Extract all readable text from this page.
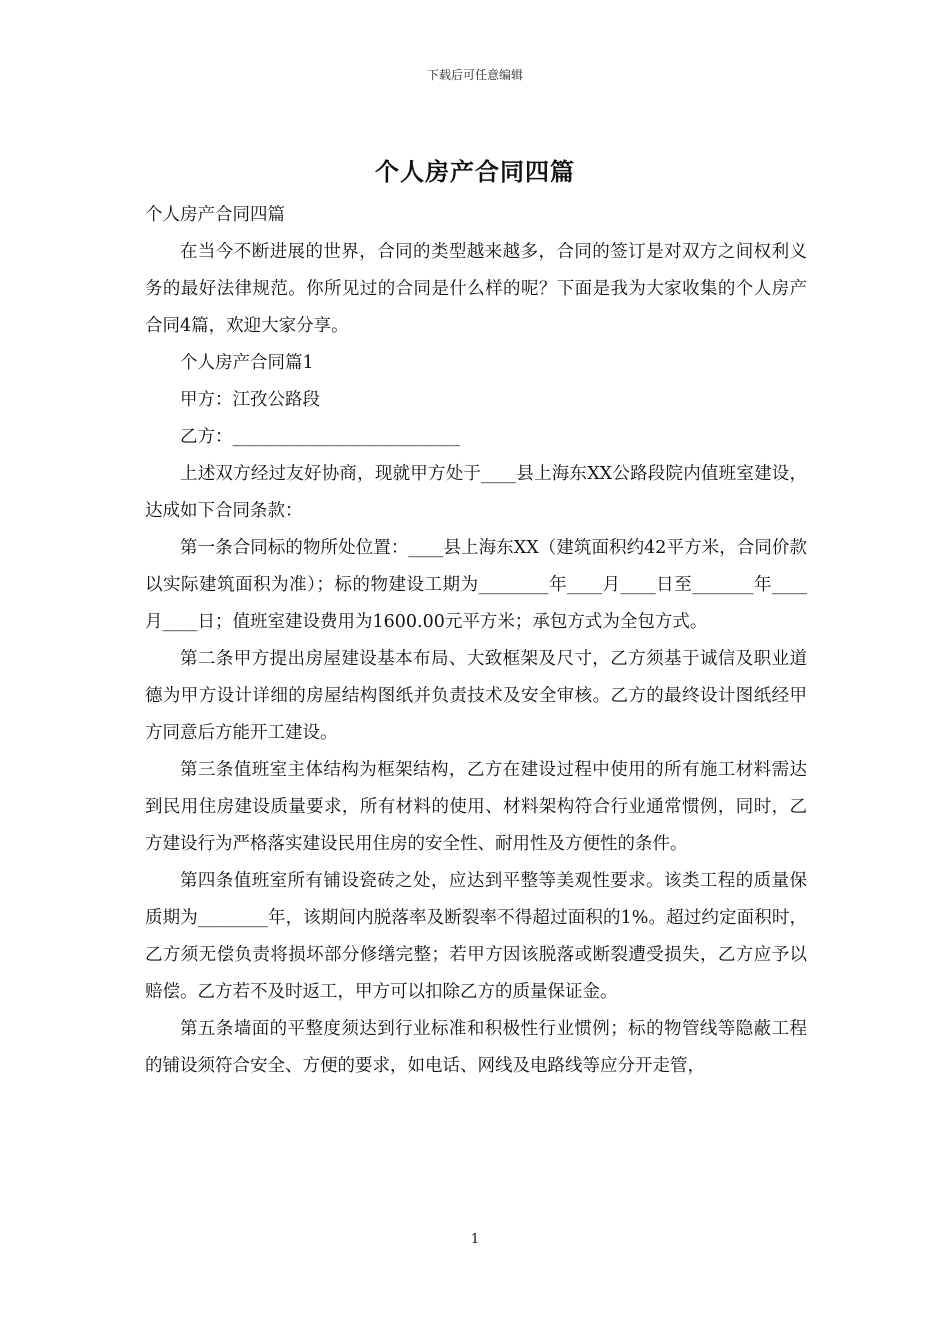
下载后可任意编辑
个人房产合同四篇

个人房产合同四篇

在当今不断进展的世界，合同的类型越来越多，合同的签订是对双方之间权利义务的最好法律规范。你所见过的合同是什么样的呢？下面是我为大家收集的个人房产合同4篇，欢迎大家分享。

个人房产合同篇1

甲方：江孜公路段

乙方：__________________________

上述双方经过友好协商，现就甲方处于____县上海东XX公路段院内值班室建设，达成如下合同条款：

第一条合同标的物所处位置：____县上海东XX（建筑面积约42平方米，合同价款以实际建筑面积为准）；标的物建设工期为________年____月____日至_______年____月____日；值班室建设费用为1600.00元平方米；承包方式为全包方式。

第二条甲方提出房屋建设基本布局、大致框架及尺寸，乙方须基于诚信及职业道德为甲方设计详细的房屋结构图纸并负责技术及安全审核。乙方的最终设计图纸经甲方同意后方能开工建设。

第三条值班室主体结构为框架结构，乙方在建设过程中使用的所有施工材料需达到民用住房建设质量要求，所有材料的使用、材料架构符合行业通常惯例，同时，乙方建设行为严格落实建设民用住房的安全性、耐用性及方便性的条件。

第四条值班室所有铺设瓷砖之处，应达到平整等美观性要求。该类工程的质量保质期为________年，该期间内脱落率及断裂率不得超过面积的1%。超过约定面积时，乙方须无偿负责将损坏部分修缮完整；若甲方因该脱落或断裂遭受损失，乙方应予以赔偿。乙方若不及时返工，甲方可以扣除乙方的质量保证金。

第五条墙面的平整度须达到行业标准和积极性行业惯例；标的物管线等隐蔽工程的铺设须符合安全、方便的要求，如电话、网线及电路线等应分开走管，

1
